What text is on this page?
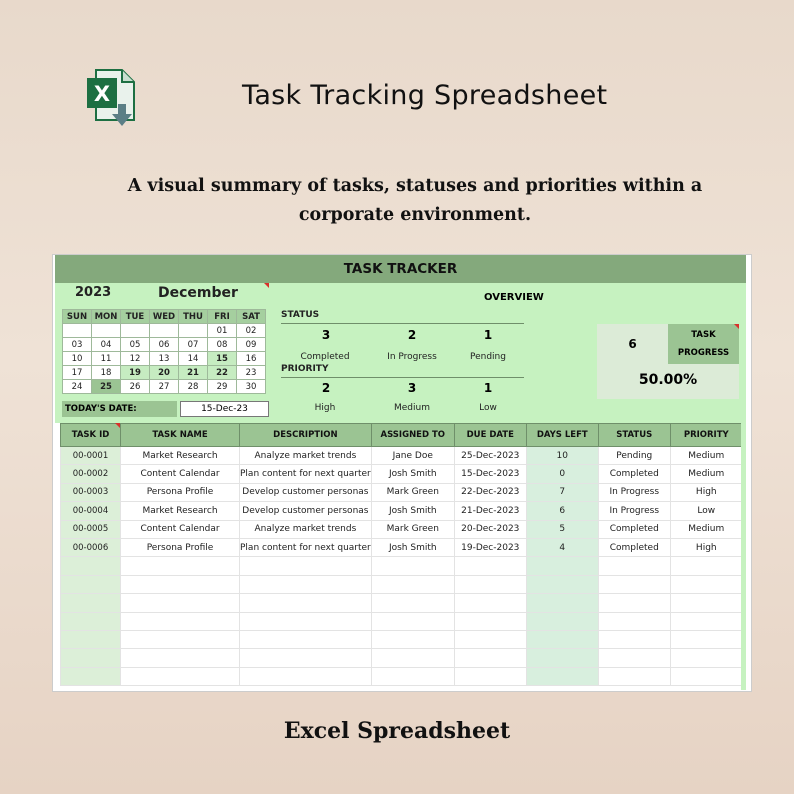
X	Task Tracking Spreadsheet
A visual summary of tasks, statuses and priorities within a corporate environment.
TASK TRACKER
2023	December
SUN	MON	TUE	WED	THU	FRI	SAT
					01	02
03	04	05	06	07	08	09
10	11	12	13	14	15	16
17	18	19	20	21	22	23
24	25	26	27	28	29	30
TODAY'S DATE:	15-Dec-23
STATUS
3	2	1
Completed	In Progress	Pending
PRIORITY
2	3	1
High	Medium	Low
OVERVIEW
6
TASK
PROGRESS
50.00%
TASK ID	TASK NAME	DESCRIPTION	ASSIGNED TO	DUE DATE	DAYS LEFT	STATUS	PRIORITY
00-0001	Market Research	Analyze market trends	Jane Doe	25-Dec-2023	10	Pending	Medium
00-0002	Content Calendar	Plan content for next quarter	Josh Smith	15-Dec-2023	0	Completed	Medium
00-0003	Persona Profile	Develop customer personas	Mark Green	22-Dec-2023	7	In Progress	High
00-0004	Market Research	Develop customer personas	Josh Smith	21-Dec-2023	6	In Progress	Low
00-0005	Content Calendar	Analyze market trends	Mark Green	20-Dec-2023	5	Completed	Medium
00-0006	Persona Profile	Plan content for next quarter	Josh Smith	19-Dec-2023	4	Completed	High

Excel Spreadsheet
